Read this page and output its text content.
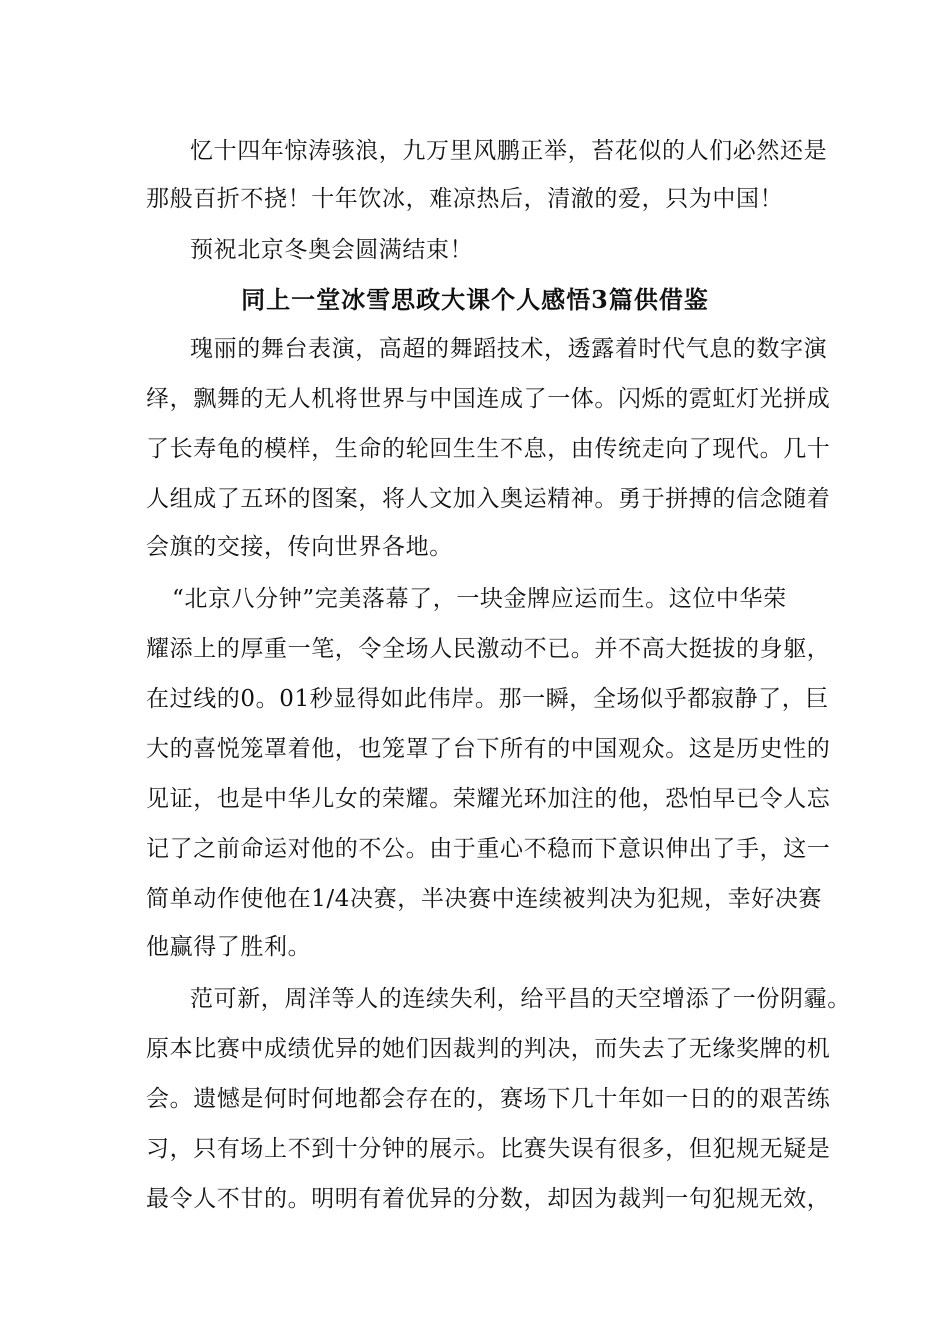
忆十四年惊涛骇浪，九万里风鹏正举，苔花似的人们必然还是
那般百折不挠！十年饮冰，难凉热后，清澈的爱，只为中国！
预祝北京冬奥会圆满结束！
同上一堂冰雪思政大课个人感悟3篇供借鉴
瑰丽的舞台表演，高超的舞蹈技术，透露着时代气息的数字演
绎，飘舞的无人机将世界与中国连成了一体。闪烁的霓虹灯光拼成
了长寿龟的模样，生命的轮回生生不息，由传统走向了现代。几十
人组成了五环的图案，将人文加入奥运精神。勇于拼搏的信念随着
会旗的交接，传向世界各地。
“北京八分钟”完美落幕了，一块金牌应运而生。这位中华荣
耀添上的厚重一笔，令全场人民激动不已。并不高大挺拔的身躯，
在过线的0。01秒显得如此伟岸。那一瞬，全场似乎都寂静了，巨
大的喜悦笼罩着他，也笼罩了台下所有的中国观众。这是历史性的
见证，也是中华儿女的荣耀。荣耀光环加注的他，恐怕早已令人忘
记了之前命运对他的不公。由于重心不稳而下意识伸出了手，这一
简单动作使他在1/4决赛，半决赛中连续被判决为犯规，幸好决赛
他赢得了胜利。
范可新，周洋等人的连续失利，给平昌的天空增添了一份阴霾。
原本比赛中成绩优异的她们因裁判的判决，而失去了无缘奖牌的机
会。遗憾是何时何地都会存在的，赛场下几十年如一日的的艰苦练
习，只有场上不到十分钟的展示。比赛失误有很多，但犯规无疑是
最令人不甘的。明明有着优异的分数，却因为裁判一句犯规无效，
